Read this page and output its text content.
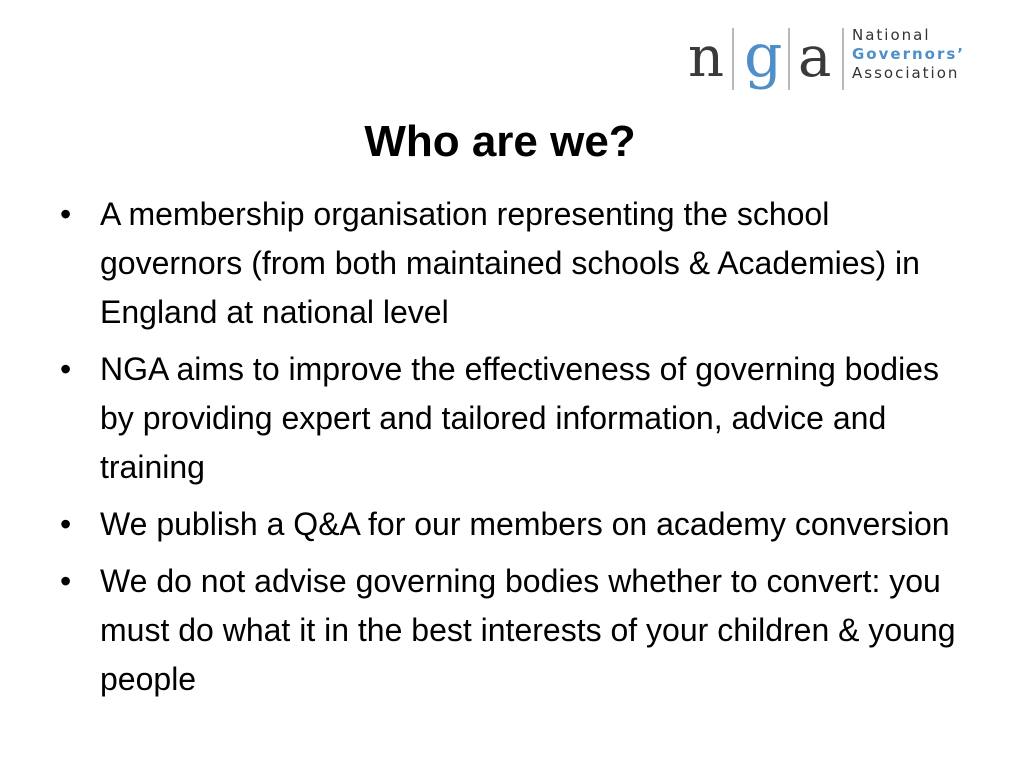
n g a National
Governors’
Association
Who are we?
• A membership organisation representing the school governors (from both maintained schools & Academies) in England at national level
• NGA aims to improve the effectiveness of governing bodies by providing expert and tailored information, advice and training
• We publish a Q&A for our members on academy conversion
• We do not advise governing bodies whether to convert: you must do what it in the best interests of your children & young people
